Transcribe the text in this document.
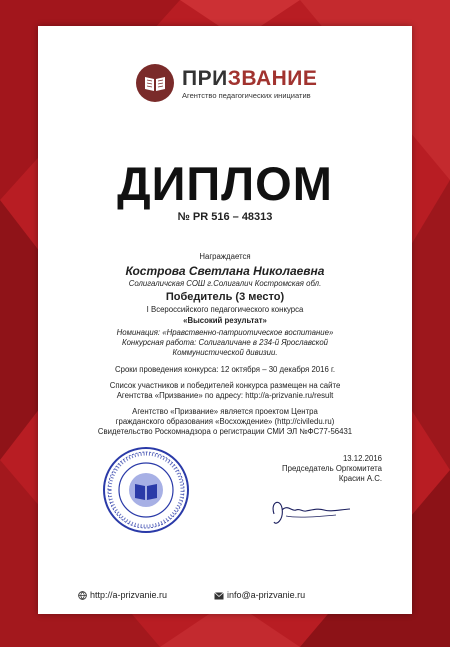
ПРИЗВАНИЕ
Агентство педагогических инициатив
ДИПЛОМ
№ PR 516 – 48313
Награждается
Кострова Светлана Николаевна
Солигаличская СОШ г.Солигалич Костромская обл.
Победитель (3 место)
I Всероссийского педагогического конкурса
«Высокий результат»
Номинация: «Нравственно-патриотическое воспитание»
Конкурсная работа: Солигаличане в 234-й Ярославской
Коммунистической дивизии.
Сроки проведения конкурса: 12 октября – 30 декабря 2016 г.
Список участников и победителей конкурса размещен на сайте
Агентства «Призвание» по адресу: http://a-prizvanie.ru/result
Агентство «Призвание» является проектом Центра
гражданского образования «Восхождение» (http://civiledu.ru)
Свидетельство Роскомнадзора о регистрации СМИ ЭЛ №ФС77-56431
13.12.2016
Председатель Оргкомитета
Красин А.С.
http://a-prizvanie.ru	info@a-prizvanie.ru
